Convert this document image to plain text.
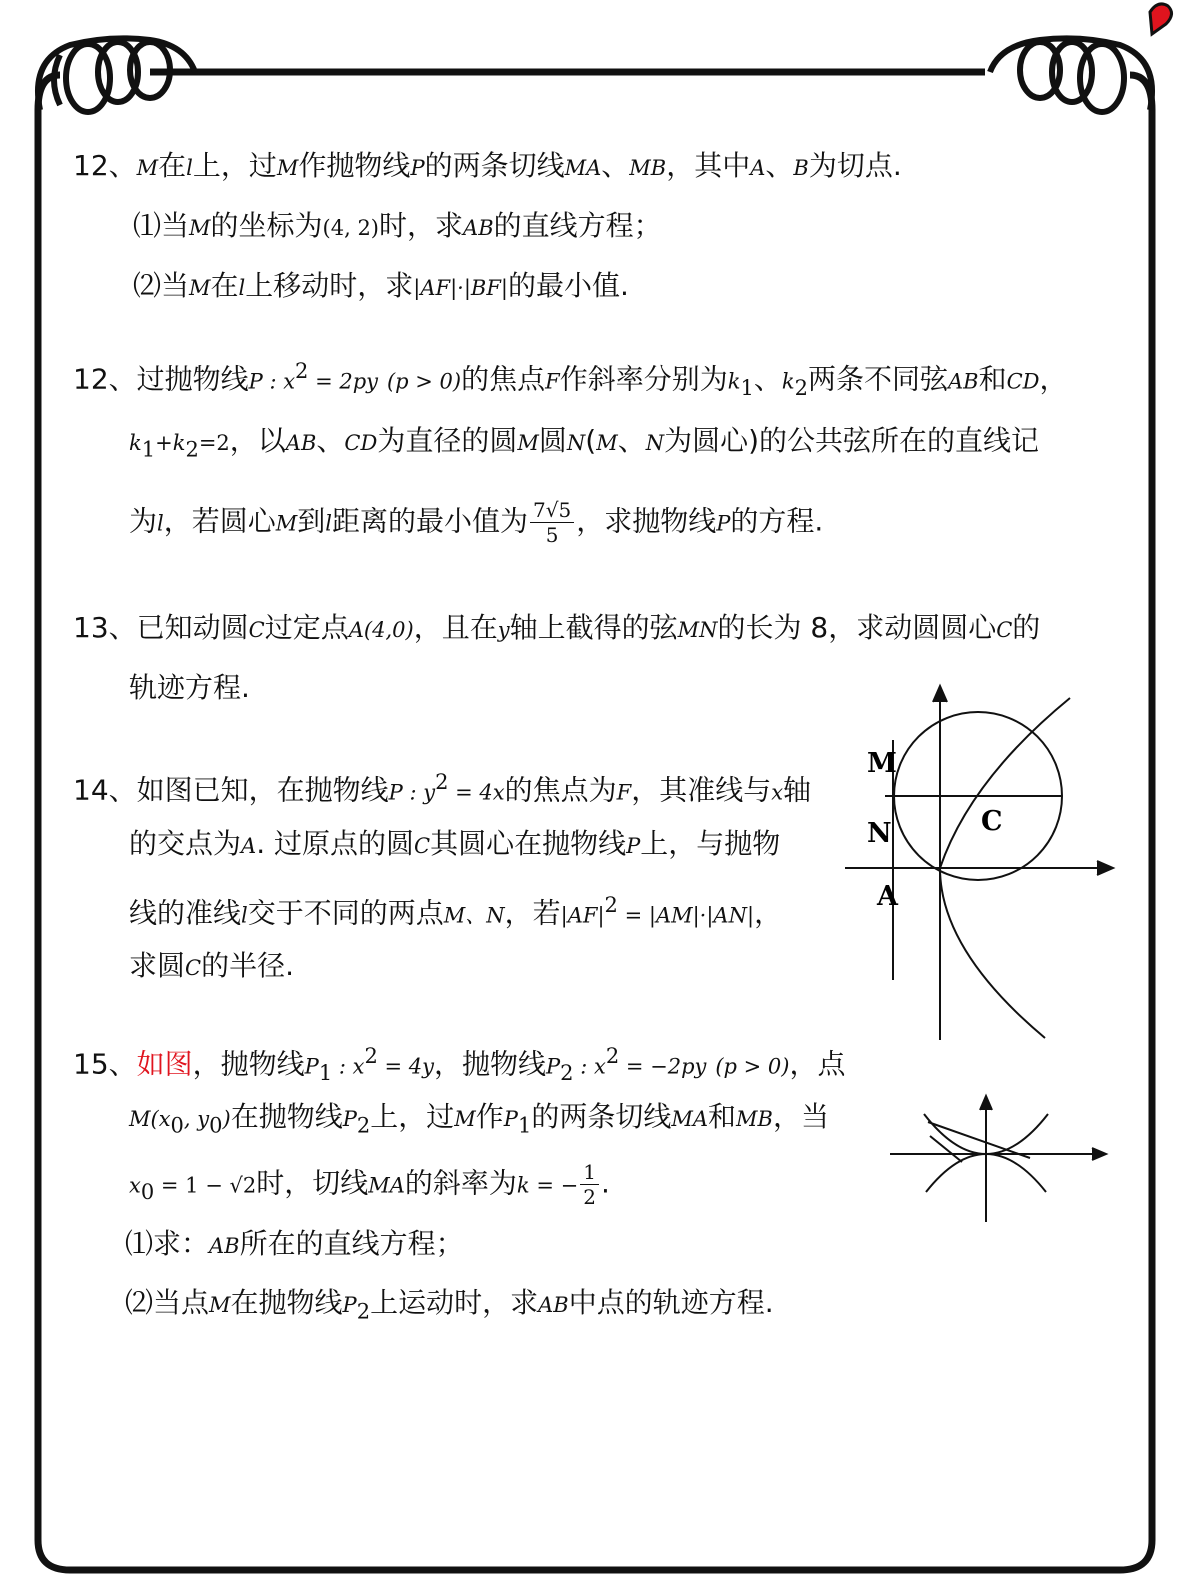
12、M在l上，过M作抛物线P的两条切线MA、MB，其中A、B为切点.
⑴当M的坐标为(4, 2)时，求AB的直线方程；
⑵当M在l上移动时，求|AF|·|BF|的最小值.
12、过抛物线P : $x^2 = 2py$ (p > 0)的焦点F作斜率分别为$k_1$、$k_2$两条不同弦AB和CD，
$k_1+k_2=2$，以AB、CD为直径的圆M圆N(M、N为圆心)的公共弦所在的直线记
为l，若圆心M到l距离的最小值为 $\frac{7√5}{5}$ ，求抛物线P的方程.
13、已知动圆C过定点A(4,0)，且在y轴上截得的弦MN的长为 8，求动圆圆心C的
轨迹方程.
14、如图已知，在抛物线P : $y^2 = 4x$的焦点为F，其准线与x轴
的交点为A. 过原点的圆C其圆心在抛物线P上，与抛物
线的准线l交于不同的两点M、N，若$|AF|^2 = |AM|\cdot|AN|$，
求圆C的半径.
M
N
A
C
15、如图，抛物线$P_1$ : $x^2 = 4y$，抛物线$P_2$ : $x^2 = -2py$ (p > 0)，点
$M(x_0$, $y_0$)在抛物线$P_2$上，过M作$P_1$的两条切线MA和MB，当
$x_0 = 1 - √2$时，切线MA的斜率为k = − $\frac{1}{2}$ .
⑴求：AB所在的直线方程；
⑵当点M在抛物线$P_2$上运动时，求AB中点的轨迹方程.
